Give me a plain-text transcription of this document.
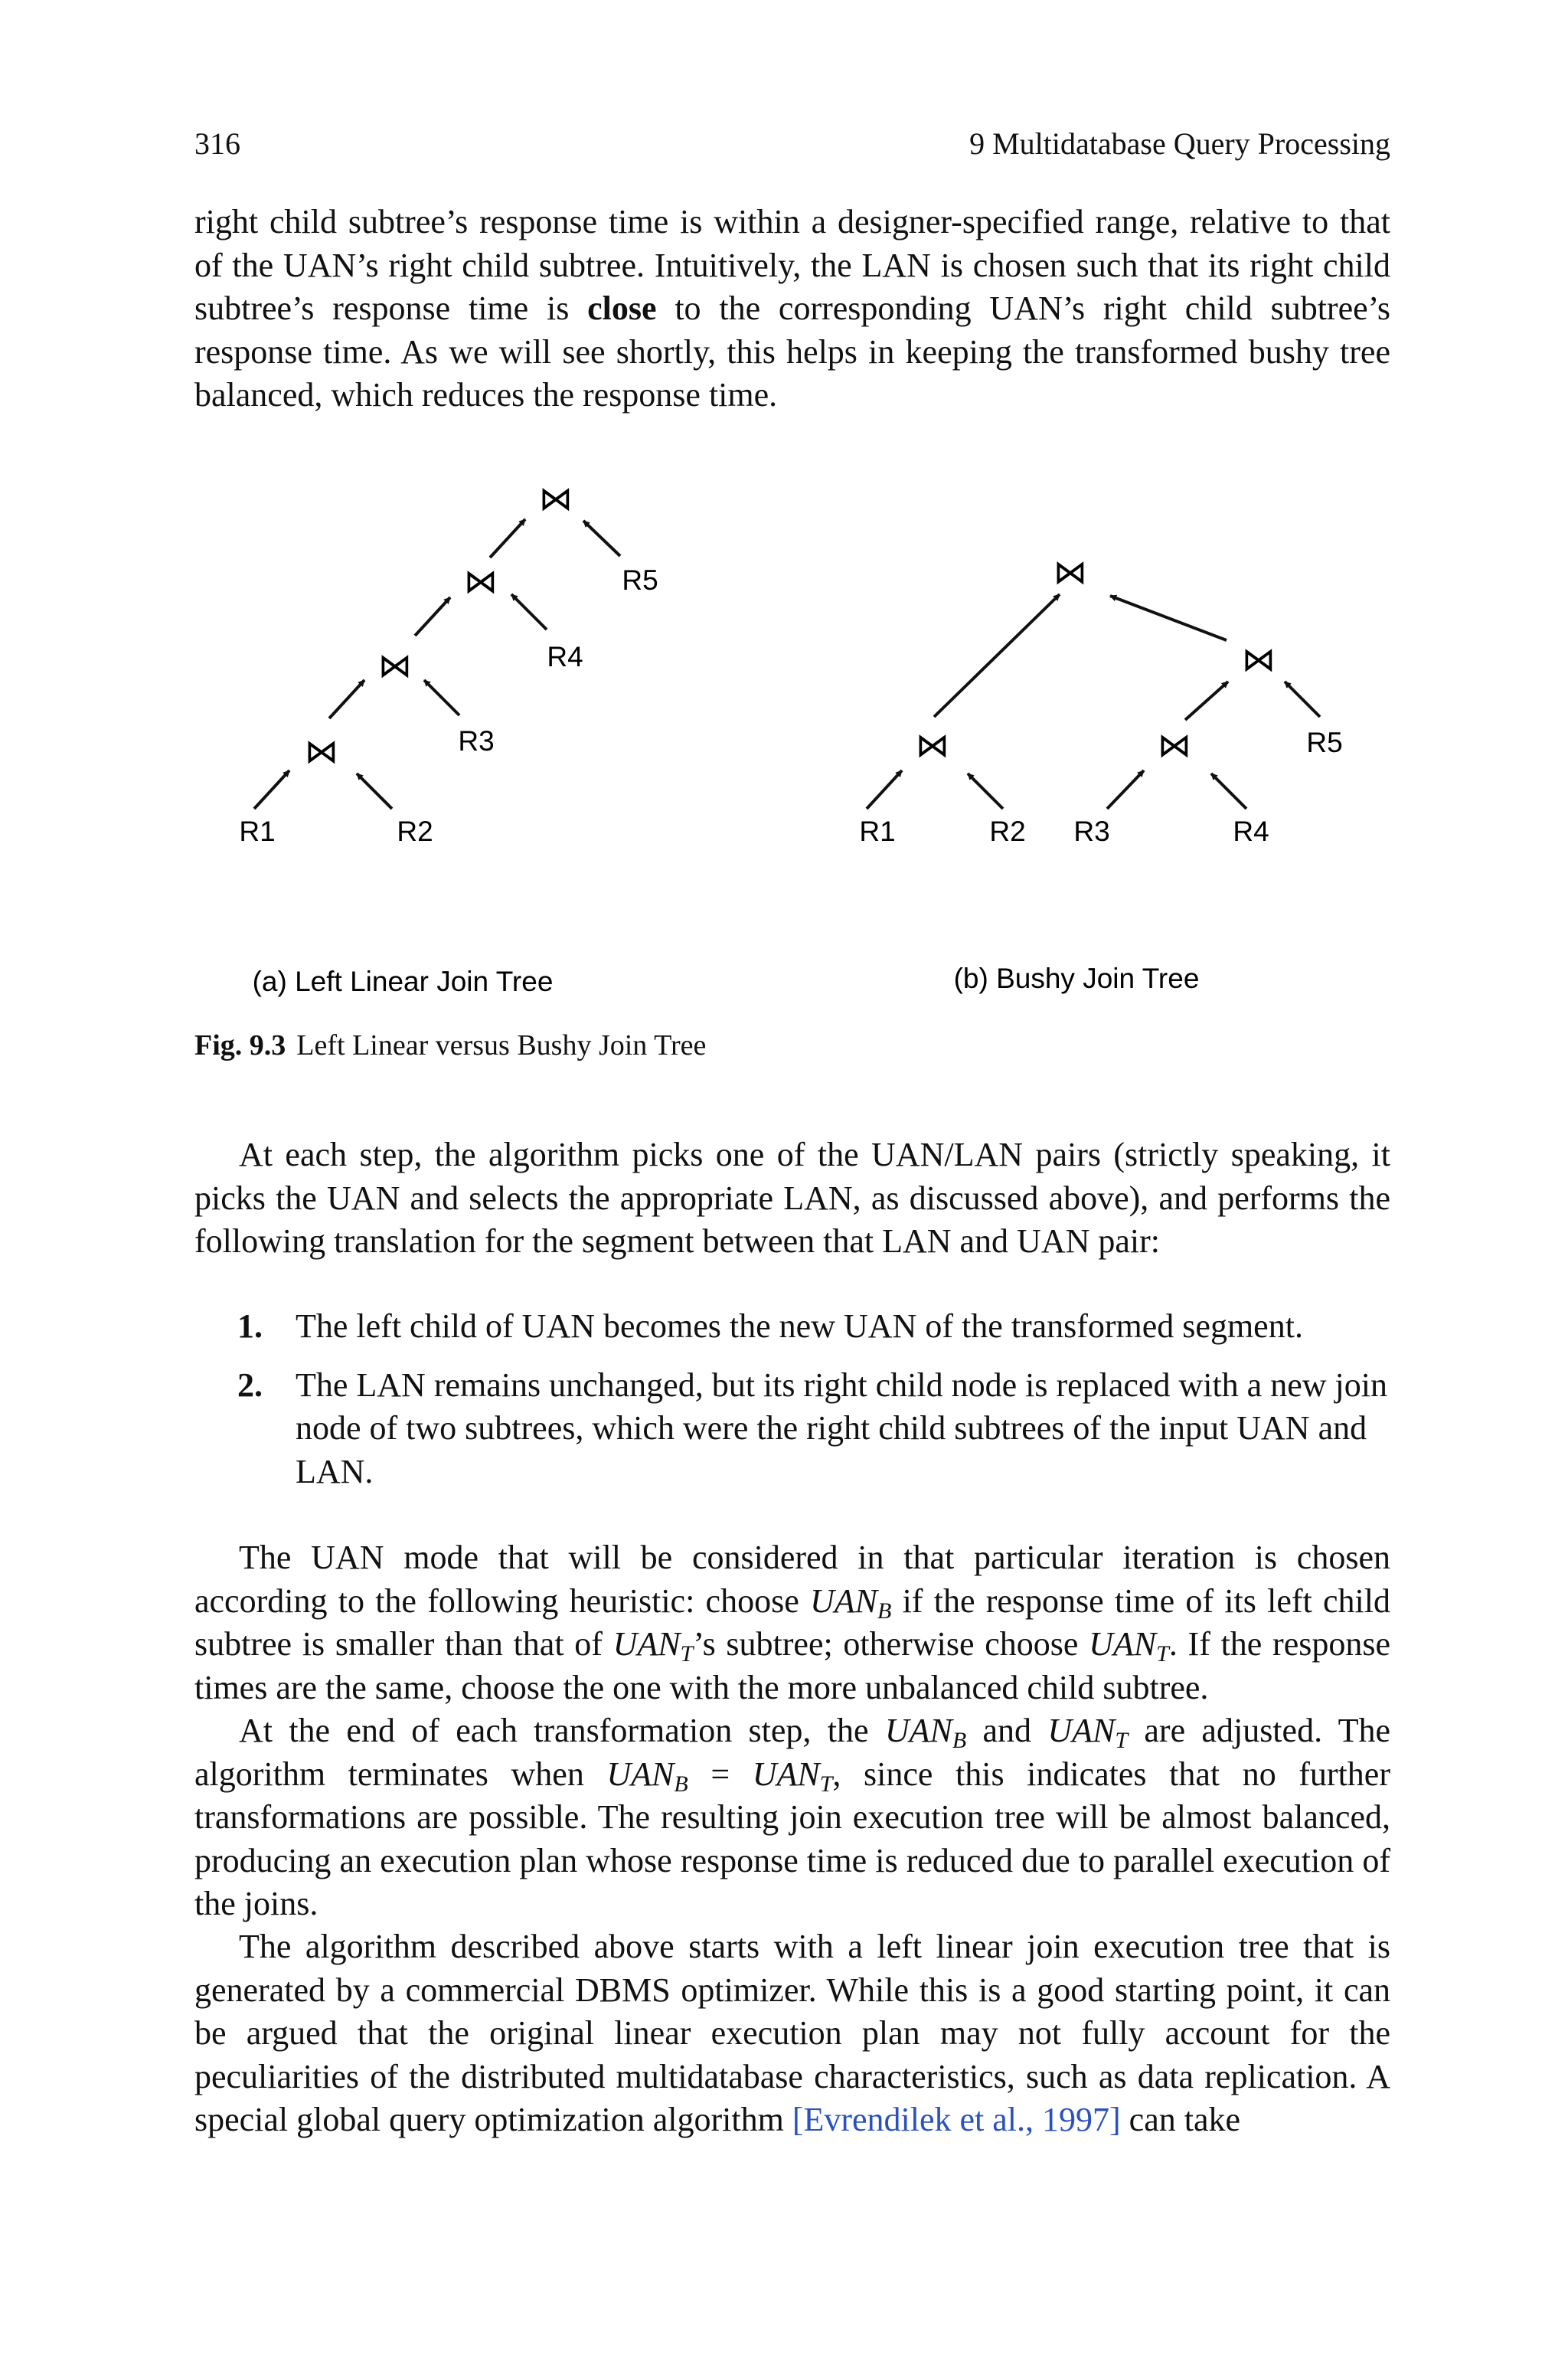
316	9 Multidatabase Query Processing

right child subtree’s response time is within a designer-specified range, relative to that of the UAN’s right child subtree. Intuitively, the LAN is chosen such that its right child subtree’s response time is close to the corresponding UAN’s right child subtree’s response time. As we will see shortly, this helps in keeping the transformed bushy tree balanced, which reduces the response time.

⋈
⋈
⋈
⋈
R1	R2
R3
R4
R5
(a) Left Linear Join Tree
⋈
⋈
⋈
⋈
R1	R2 R3	R4
R5
(b) Bushy Join Tree
Fig. 9.3 Left Linear versus Bushy Join Tree

At each step, the algorithm picks one of the UAN/LAN pairs (strictly speaking, it picks the UAN and selects the appropriate LAN, as discussed above), and performs the following translation for the segment between that LAN and UAN pair:

1. The left child of UAN becomes the new UAN of the transformed segment.
2. The LAN remains unchanged, but its right child node is replaced with a new join node of two subtrees, which were the right child subtrees of the input UAN and LAN.

The UAN mode that will be considered in that particular iteration is chosen according to the following heuristic: choose $UAN_B$ if the response time of its left child subtree is smaller than that of $UAN_T’s$ subtree; otherwise choose $UAN_T$. If the response times are the same, choose the one with the more unbalanced child subtree.

At the end of each transformation step, the $UAN_B$ and $UAN_T$ are adjusted. The algorithm terminates when $UAN_B = UAN_T$, since this indicates that no further transformations are possible. The resulting join execution tree will be almost balanced, producing an execution plan whose response time is reduced due to parallel execution of the joins.

The algorithm described above starts with a left linear join execution tree that is generated by a commercial DBMS optimizer. While this is a good starting point, it can be argued that the original linear execution plan may not fully account for the peculiarities of the distributed multidatabase characteristics, such as data replication. A special global query optimization algorithm [Evrendilek et al., 1997] can take
